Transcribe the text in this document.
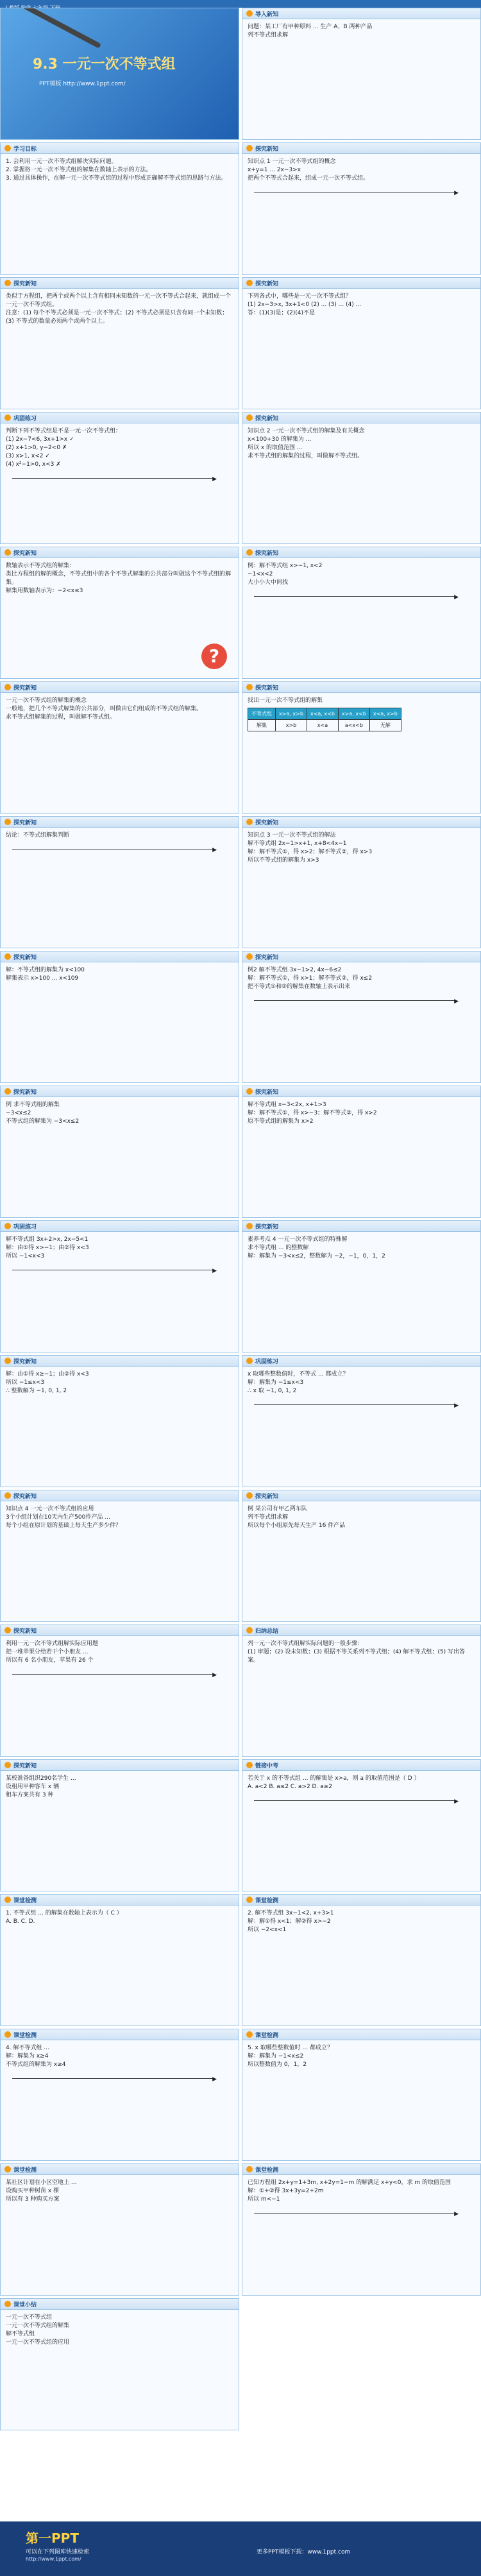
9.3 一元一次不等式组
PPT模板 http://www.1ppt.com/
导入新知
问题：某工厂有甲种原料 ... 生产 A、B 两种产品
列不等式组求解
学习目标
1. 会利用一元一次不等式组解决实际问题。
2. 掌握将一元一次不等式组的解集在数轴上表示的方法。
3. 通过具体操作，在解一元一次不等式组的过程中形成正确解不等式组的思路与方法。
探究新知
知识点 1 一元一次不等式组的概念
x+y=1 ... 2x−3>x
把两个不等式合起来，组成一元一次不等式组。
▶
探究新知
类似于方程组，把两个或两个以上含有相同未知数的一元一次不等式合起来，就组成一个一元一次不等式组。
注意：(1) 每个不等式必须是一元一次不等式；(2) 不等式必须是只含有同一个未知数；(3) 不等式的数量必须两个或两个以上。
探究新知
下列各式中，哪些是一元一次不等式组？
(1) 2x−3>x, 3x+1<0 (2) ... (3) ... (4) ...
答：(1)(3)是；(2)(4)不是
巩固练习
判断下列不等式组是不是一元一次不等式组：
(1) 2x−7<6, 3x+1>x ✓
(2) x+1>0, y−2<0 ✗
(3) x>1, x<2 ✓
(4) x²−1>0, x<3 ✗
▶
探究新知
知识点 2 一元一次不等式组的解集及有关概念
x<100+30 的解集为 ...
所以 x 的取值范围 ...
求不等式组的解集的过程，叫做解不等式组。
探究新知
数轴表示不等式组的解集：
类比方程组的解的概念，不等式组中的各个不等式解集的公共部分叫做这个不等式组的解集。
解集用数轴表示为：−2<x≤3
?
探究新知
例：解不等式组 x>−1, x<2
−1<x<2
大小小大中间找
▶
探究新知
一元一次不等式组的解集的概念
一般地，把几个不等式解集的公共部分，叫做由它们组成的不等式组的解集。
求不等式组解集的过程，叫做解不等式组。
探究新知
找出一元一次不等式组的解集
不等式组	x>a, x>b	x<a, x<b	x>a, x<b	x<a, x>b
解集	x>b	x<a	a<x<b	无解
探究新知
结论：不等式组解集判断
▶
探究新知
知识点 3 一元一次不等式组的解法
解不等式组 2x−1>x+1, x+8<4x−1
解：解不等式①，得 x>2；解不等式②，得 x>3
所以不等式组的解集为 x>3
探究新知
解：不等式组的解集为 x<100
解集表示 x>100 ... x<109
探究新知
例2 解不等式组 3x−1>2, 4x−6≤2
解：解不等式①，得 x>1；解不等式②，得 x≤2
把不等式①和②的解集在数轴上表示出来
▶
探究新知
例 求不等式组的解集
−3<x≤2
不等式组的解集为 −3<x≤2
探究新知
解不等式组 x−3<2x, x+1>3
解：解不等式①，得 x>−3；解不等式②，得 x>2
原不等式组的解集为 x>2
巩固练习
解不等式组 3x+2>x, 2x−5<1
解：由①得 x>−1；由②得 x<3
所以 −1<x<3
▶
探究新知
素养考点 4 一元一次不等式组的特殊解
求不等式组 ... 的整数解
解：解集为 −3<x≤2，整数解为 −2，−1，0，1，2
探究新知
解：由①得 x≥−1；由②得 x<3
所以 −1≤x<3
∴ 整数解为 −1, 0, 1, 2
巩固练习
x 取哪些整数值时，不等式 ... 都成立？
解：解集为 −1≤x<3
∴ x 取 −1, 0, 1, 2
▶
探究新知
知识点 4 一元一次不等式组的应用
3个小组计划在10天内生产500件产品 ...
每个小组在原计划的基础上每天生产多少件？
探究新知
例 某公司有甲乙两车队
列不等式组求解
所以每个小组原先每天生产 16 件产品
探究新知
利用一元一次不等式组解实际应用题
把一堆苹果分给若干个小朋友 ...
所以有 6 名小朋友，苹果有 26 个
▶
归纳总结
列一元一次不等式组解实际问题的一般步骤：
(1) 审题；(2) 设未知数；(3) 根据不等关系列不等式组；(4) 解不等式组；(5) 写出答案。
探究新知
某校准备组织290名学生 ...
设租用甲种客车 x 辆
租车方案共有 3 种
链接中考
若关于 x 的不等式组 ... 的解集是 x>a，则 a 的取值范围是（ D ）
A. a<2 B. a≤2 C. a>2 D. a≥2
▶
课堂检测
1. 不等式组 ... 的解集在数轴上表示为（ C ）
A. B. C. D.
课堂检测
2. 解不等式组 3x−1<2, x+3>1
解：解①得 x<1；解②得 x>−2
所以 −2<x<1
课堂检测
4. 解不等式组 ...
解：解集为 x≥4
不等式组的解集为 x≥4
▶
课堂检测
5. x 取哪些整数值时 ... 都成立？
解：解集为 −1<x≤2
所以整数值为 0，1，2
课堂检测
某社区计划在小区空地上 ...
设购买甲种树苗 x 棵
所以有 3 种购买方案
课堂检测
已知方程组 2x+y=1+3m, x+2y=1−m 的解满足 x+y<0，求 m 的取值范围
解：①+②得 3x+3y=2+2m
所以 m<−1
▶
课堂小结
一元一次不等式组
一元一次不等式组的解集
解不等式组
一元一次不等式组的应用
第一PPT
可以在下列图库快速检索
http://www.1ppt.com/
更多PPT模板下载：www.1ppt.com
